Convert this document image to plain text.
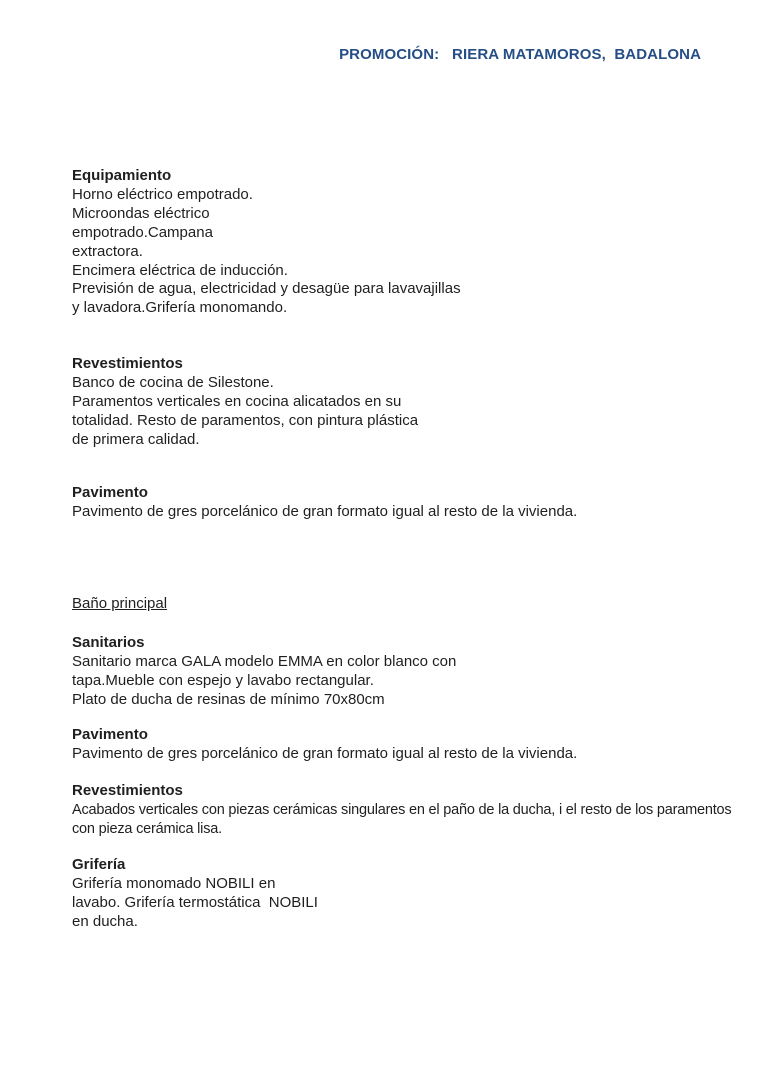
PROMOCIÓN:   RIERA MATAMOROS,  BADALONA
Equipamiento
Horno eléctrico empotrado.
Microondas eléctrico
empotrado.Campana
extractora.
Encimera eléctrica de inducción.
Previsión de agua, electricidad y desagüe para lavavajillas
y lavadora.Grifería monomando.
Revestimientos
Banco de cocina de Silestone.
Paramentos verticales en cocina alicatados en su
totalidad. Resto de paramentos, con pintura plástica
de primera calidad.
Pavimento
Pavimento de gres porcelánico de gran formato igual al resto de la vivienda.
Baño principal
Sanitarios
Sanitario marca GALA modelo EMMA en color blanco con
tapa.Mueble con espejo y lavabo rectangular.
Plato de ducha de resinas de mínimo 70x80cm
Pavimento
Pavimento de gres porcelánico de gran formato igual al resto de la vivienda.
Revestimientos
Acabados verticales con piezas cerámicas singulares en el paño de la ducha, i el resto de los paramentos
con pieza cerámica lisa.
Grifería
Grifería monomado NOBILI en
lavabo. Grifería termostática  NOBILI
en ducha.
